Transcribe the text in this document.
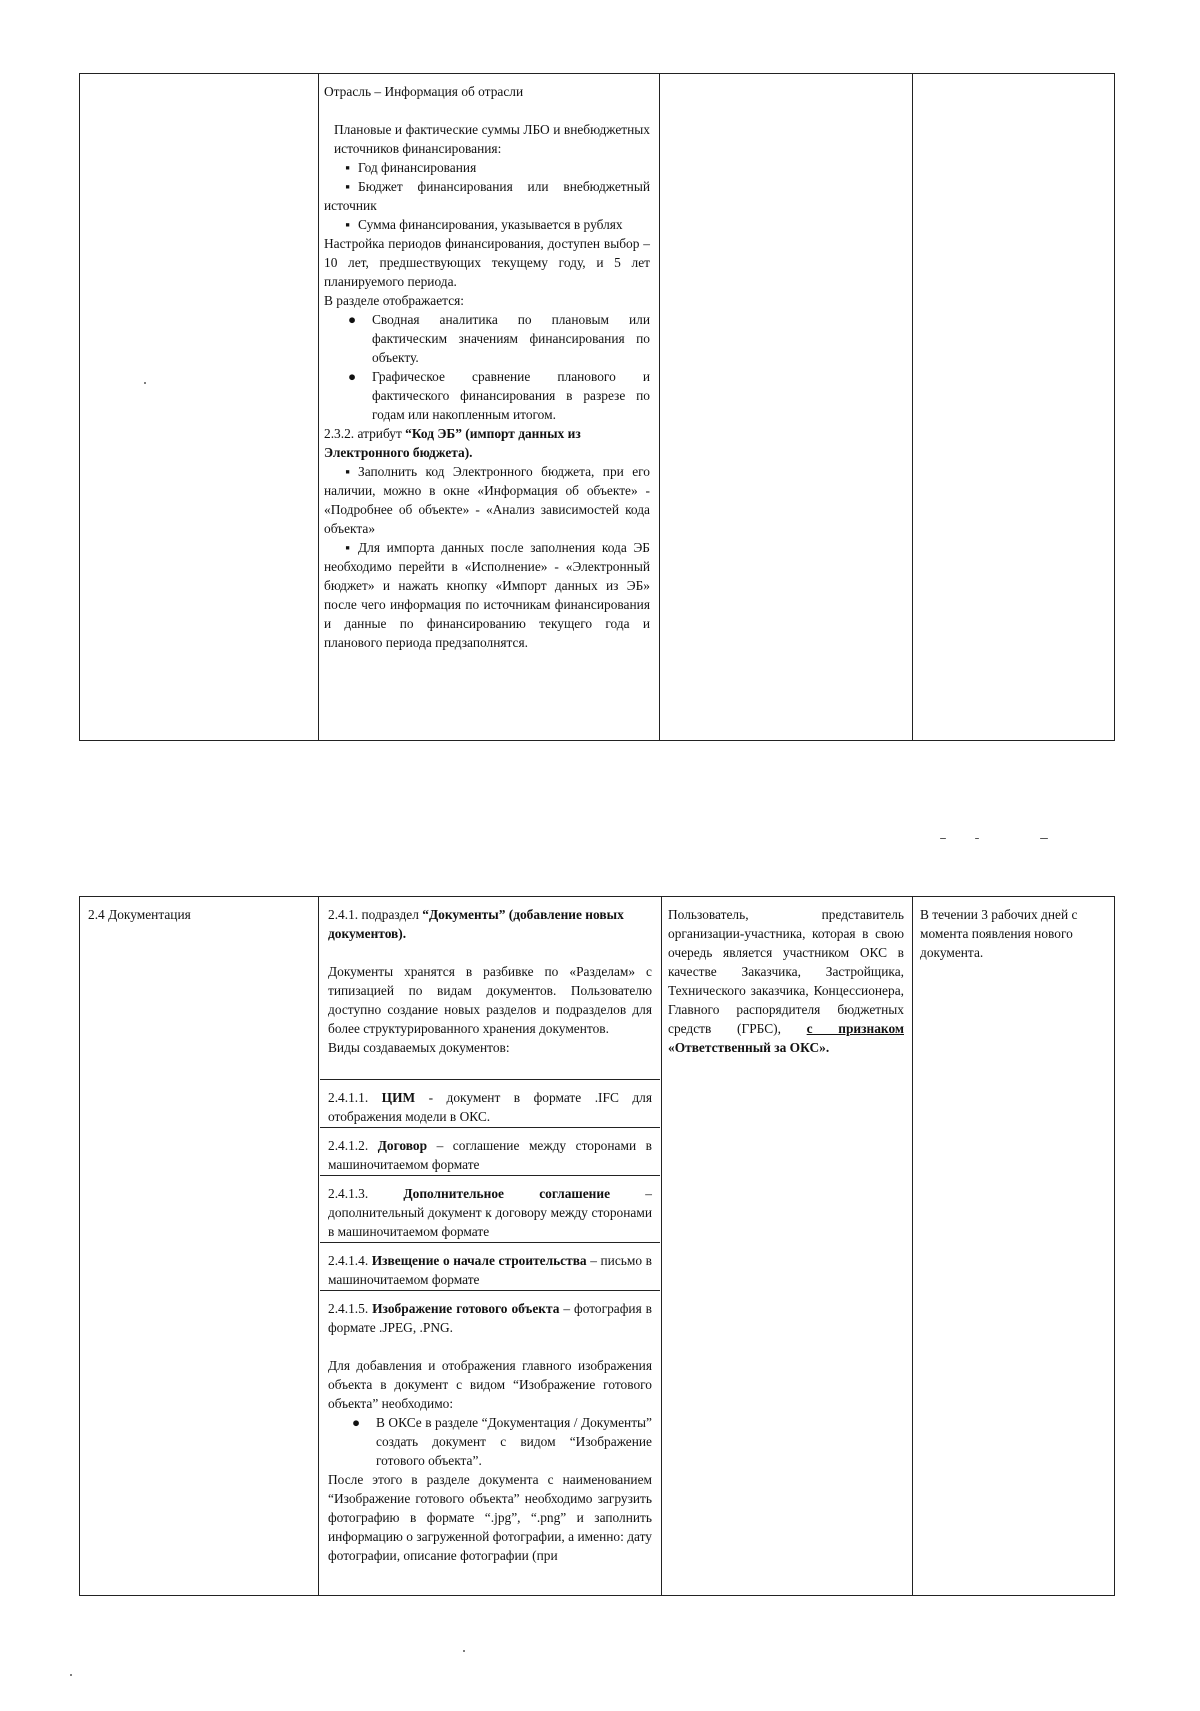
Отрасль – Информация об отрасли

Плановые и фактические суммы ЛБО и внебюджетных источников финансирования:

▪ Год финансирования
▪ Бюджет финансирования или внебюджетный источник
▪ Сумма финансирования, указывается в рублях

Настройка периодов финансирования, доступен выбор – 10 лет, предшествующих текущему году, и 5 лет планируемого периода.

В разделе отображается:

● Сводная аналитика по плановым или фактическим значениям финансирования по объекту.
● Графическое сравнение планового и фактического финансирования в разрезе по годам или накопленным итогом.

2.3.2. атрибут “Код ЭБ” (импорт данных из Электронного бюджета).

▪ Заполнить код Электронного бюджета, при его наличии, можно в окне «Информация об объекте» - «Подробнее об объекте» - «Анализ зависимостей кода объекта»

▪ Для импорта данных после заполнения кода ЭБ необходимо перейти в «Исполнение» - «Электронный бюджет» и нажать кнопку «Импорт данных из ЭБ» после чего информация по источникам финансирования и данные по финансированию текущего года и планового периода предзаполнятся.

2.4 Документация	2.4.1. подраздел “Документы” (добавление новых документов).

Документы хранятся в разбивке по «Разделам» с типизацией по видам документов. Пользователю доступно создание новых разделов и подразделов для более структурированного хранения документов.

Виды создаваемых документов:

2.4.1.1. ЦИМ - документ в формате .IFC для отображения модели в ОКС.

2.4.1.2. Договор – соглашение между сторонами в машиночитаемом формате

2.4.1.3. Дополнительное соглашение – дополнительный документ к договору между сторонами в машиночитаемом формате

2.4.1.4. Извещение о начале строительства – письмо в машиночитаемом формате

2.4.1.5. Изображение готового объекта – фотография в формате .JPEG, .PNG.

Для добавления и отображения главного изображения объекта в документ с видом “Изображение готового объекта” необходимо:

● В ОКСе в разделе “Документация / Документы” создать документ с видом “Изображение готового объекта”.

После этого в разделе документа с наименованием “Изображение готового объекта” необходимо загрузить фотографию в формате “.jpg”, “.png” и заполнить информацию о загруженной фотографии, а именно: дату фотографии, описание фотографии (при

Пользователь, представитель организации-участника, которая в свою очередь является участником ОКС в качестве Заказчика, Застройщика, Технического заказчика, Концессионера, Главного распорядителя бюджетных средств (ГРБС), с признаком «Ответственный за ОКС».

В течении 3 рабочих дней с момента появления нового документа.
